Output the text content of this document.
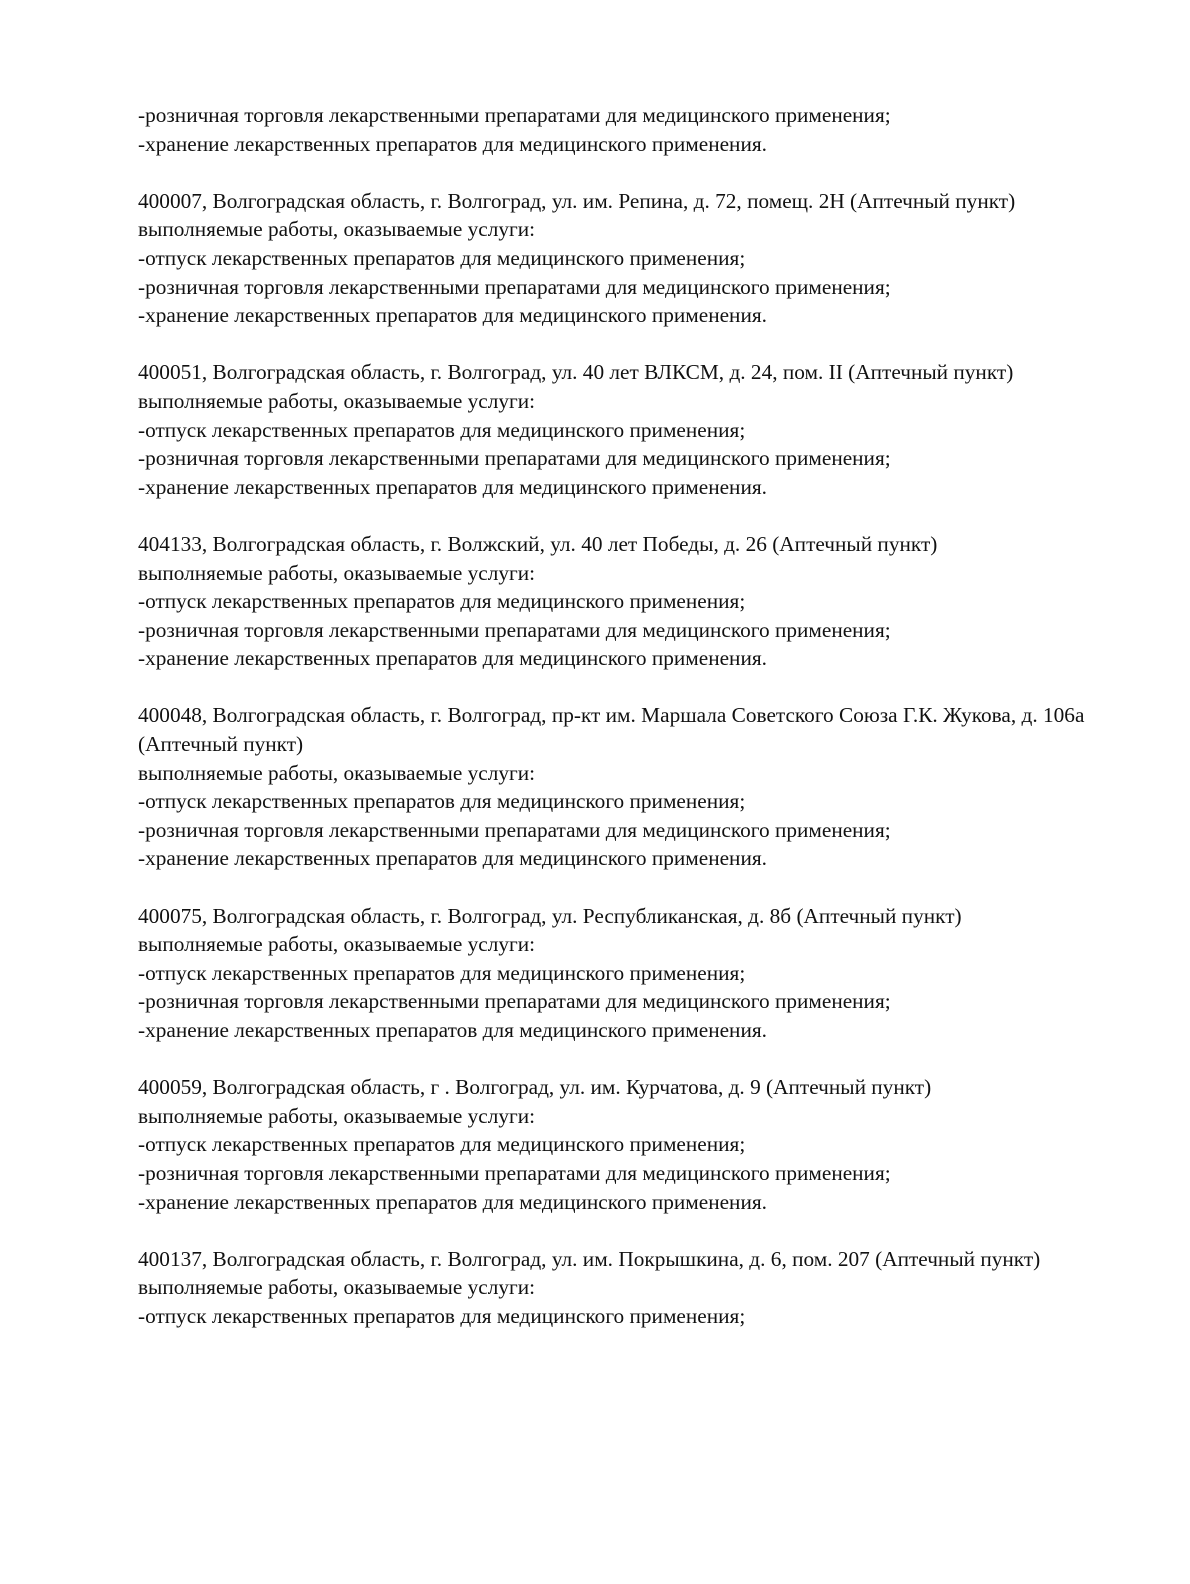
-розничная торговля лекарственными препаратами для медицинского применения;
-хранение лекарственных препаратов для медицинского применения.
400007, Волгоградская область, г. Волгоград, ул. им. Репина, д. 72, помещ. 2Н (Аптечный пункт)
выполняемые работы, оказываемые услуги:
-отпуск лекарственных препаратов для медицинского применения;
-розничная торговля лекарственными препаратами для медицинского применения;
-хранение лекарственных препаратов для медицинского применения.
400051, Волгоградская область, г. Волгоград, ул. 40 лет ВЛКСМ, д. 24, пом. II (Аптечный пункт)
выполняемые работы, оказываемые услуги:
-отпуск лекарственных препаратов для медицинского применения;
-розничная торговля лекарственными препаратами для медицинского применения;
-хранение лекарственных препаратов для медицинского применения.
404133, Волгоградская область, г. Волжский, ул. 40 лет Победы, д. 26 (Аптечный пункт)
выполняемые работы, оказываемые услуги:
-отпуск лекарственных препаратов для медицинского применения;
-розничная торговля лекарственными препаратами для медицинского применения;
-хранение лекарственных препаратов для медицинского применения.
400048, Волгоградская область, г. Волгоград, пр-кт им. Маршала Советского Союза Г.К. Жукова, д. 106а (Аптечный пункт)
выполняемые работы, оказываемые услуги:
-отпуск лекарственных препаратов для медицинского применения;
-розничная торговля лекарственными препаратами для медицинского применения;
-хранение лекарственных препаратов для медицинского применения.
400075, Волгоградская область, г. Волгоград, ул. Республиканская, д. 8б (Аптечный пункт)
выполняемые работы, оказываемые услуги:
-отпуск лекарственных препаратов для медицинского применения;
-розничная торговля лекарственными препаратами для медицинского применения;
-хранение лекарственных препаратов для медицинского применения.
400059, Волгоградская область, г . Волгоград, ул. им. Курчатова, д. 9 (Аптечный пункт)
выполняемые работы, оказываемые услуги:
-отпуск лекарственных препаратов для медицинского применения;
-розничная торговля лекарственными препаратами для медицинского применения;
-хранение лекарственных препаратов для медицинского применения.
400137, Волгоградская область, г. Волгоград, ул. им. Покрышкина, д. 6, пом. 207 (Аптечный пункт)
выполняемые работы, оказываемые услуги:
-отпуск лекарственных препаратов для медицинского применения;
